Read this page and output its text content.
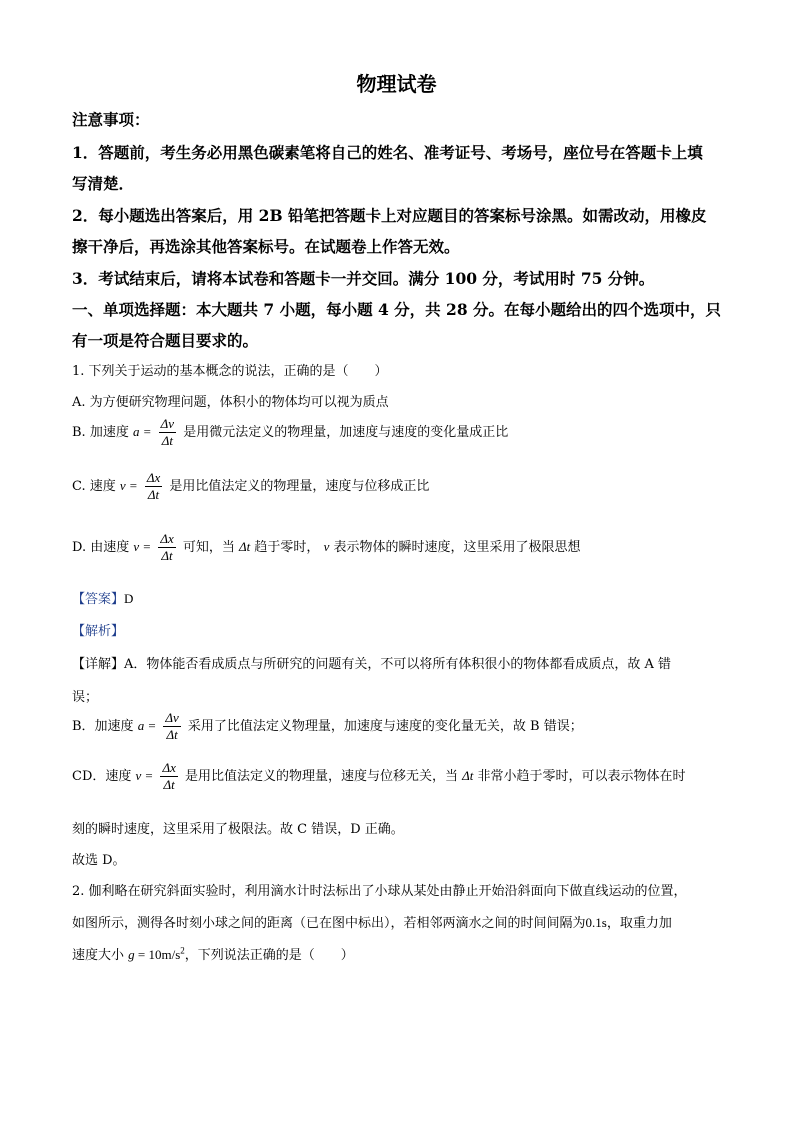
物理试卷
注意事项：
1．答题前，考生务必用黑色碳素笔将自己的姓名、准考证号、考场号，座位号在答题卡上填
写清楚．
2．每小题选出答案后，用 2B 铅笔把答题卡上对应题目的答案标号涂黑。如需改动，用橡皮
擦干净后，再选涂其他答案标号。在试题卷上作答无效。
3．考试结束后，请将本试卷和答题卡一并交回。满分 100 分，考试用时 75 分钟。
一、单项选择题：本大题共 7 小题，每小题 4 分，共 28 分。在每小题给出的四个选项中，只
有一项是符合题目要求的。
1. 下列关于运动的基本概念的说法，正确的是（　　）
A. 为方便研究物理问题，体积小的物体均可以视为质点
B. 加速度 $a = \frac{\Delta v}{\Delta t}$ 是用微元法定义的物理量，加速度与速度的变化量成正比
C. 速度 $v = \frac{\Delta x}{\Delta t}$ 是用比值法定义的物理量，速度与位移成正比
D. 由速度 $v = \frac{\Delta x}{\Delta t}$ 可知，当 Δt 趋于零时， v 表示物体的瞬时速度，这里采用了极限思想
【答案】D
【解析】
【详解】A．物体能否看成质点与所研究的问题有关，不可以将所有体积很小的物体都看成质点，故 A 错
误；
B．加速度 $a = \frac{\Delta v}{\Delta t}$ 采用了比值法定义物理量，加速度与速度的变化量无关，故 B 错误；
CD．速度 $v = \frac{\Delta x}{\Delta t}$ 是用比值法定义的物理量，速度与位移无关，当 Δt 非常小趋于零时，可以表示物体在时
刻的瞬时速度，这里采用了极限法。故 C 错误，D 正确。
故选 D。
2. 伽利略在研究斜面实验时，利用滴水计时法标出了小球从某处由静止开始沿斜面向下做直线运动的位置，
如图所示，测得各时刻小球之间的距离（已在图中标出），若相邻两滴水之间的时间间隔为0.1s，取重力加
速度大小 $g = 10m/s^2$，下列说法正确的是（　　）
